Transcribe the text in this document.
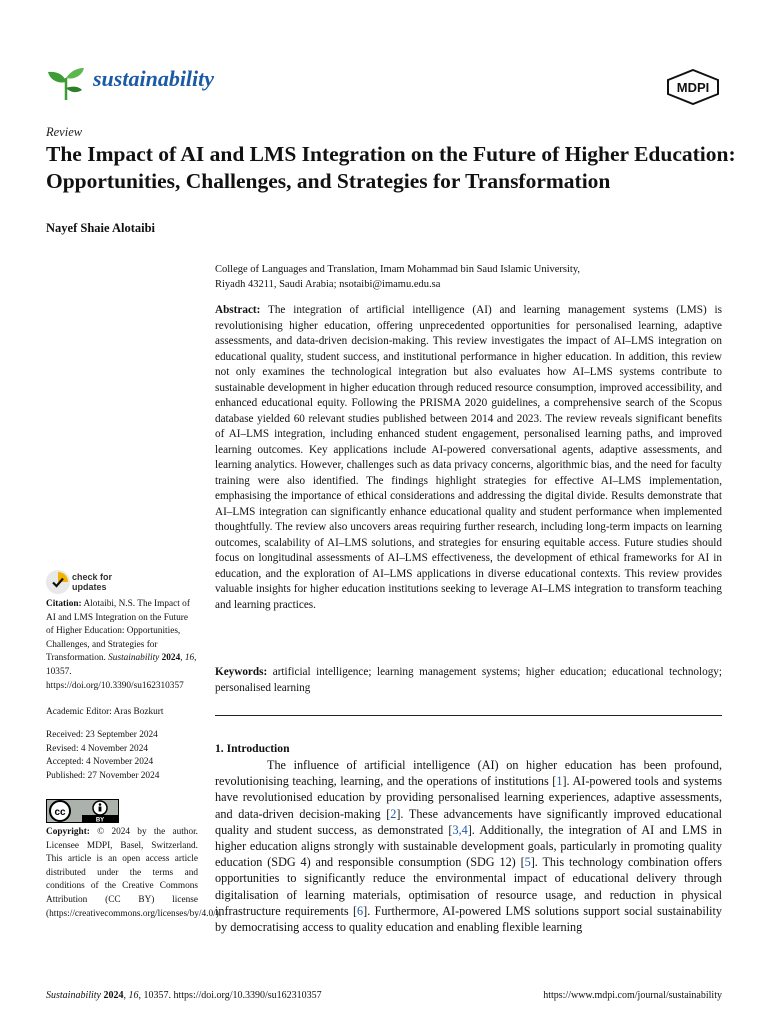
sustainability	MDPI
Review
The Impact of AI and LMS Integration on the Future of Higher Education: Opportunities, Challenges, and Strategies for Transformation
Nayef Shaie Alotaibi
College of Languages and Translation, Imam Mohammad bin Saud Islamic University,
Riyadh 43211, Saudi Arabia; nsotaibi@imamu.edu.sa
Abstract: The integration of artificial intelligence (AI) and learning management systems (LMS) is revolutionising higher education, offering unprecedented opportunities for personalised learning, adaptive assessments, and data-driven decision-making. This review investigates the impact of AI–LMS integration on educational quality, student success, and institutional performance in higher education. In addition, this review not only examines the technological integration but also evaluates how AI–LMS systems contribute to sustainable development in higher education through reduced resource consumption, improved accessibility, and enhanced educational equity. Following the PRISMA 2020 guidelines, a comprehensive search of the Scopus database yielded 60 relevant studies published between 2014 and 2023. The review reveals significant benefits of AI–LMS integration, including enhanced student engagement, personalised learning paths, and improved learning outcomes. Key applications include AI-powered conversational agents, adaptive assessments, and learning analytics. However, challenges such as data privacy concerns, algorithmic bias, and the need for faculty training were also identified. The findings highlight strategies for effective AI–LMS implementation, emphasising the importance of ethical considerations and addressing the digital divide. Results demonstrate that AI–LMS integration can significantly enhance educational quality and student performance when implemented thoughtfully. The review also uncovers areas requiring further research, including long-term impacts on learning outcomes, scalability of AI–LMS solutions, and strategies for ensuring equitable access. Future studies should focus on longitudinal assessments of AI–LMS effectiveness, the development of ethical frameworks for AI in education, and the exploration of AI–LMS applications in diverse educational contexts. This review provides valuable insights for higher education institutions seeking to leverage AI–LMS integration to transform teaching and learning practices.
Keywords: artificial intelligence; learning management systems; higher education; educational technology; personalised learning
1. Introduction
The influence of artificial intelligence (AI) on higher education has been profound, revolutionising teaching, learning, and the operations of institutions [1]. AI-powered tools and systems have revolutionised education by providing personalised learning experiences, adaptive assessments, and data-driven decision-making [2]. These advancements have significantly improved educational quality and student success, as demonstrated [3,4]. Additionally, the integration of AI and LMS in higher education aligns strongly with sustainable development goals, particularly in promoting quality education (SDG 4) and responsible consumption (SDG 12) [5]. This technology combination offers opportunities to significantly reduce the environmental impact of educational delivery through digitalisation of learning materials, optimisation of resource usage, and reduction in physical infrastructure requirements [6]. Furthermore, AI-powered LMS solutions support social sustainability by democratising access to quality education and enabling flexible learning
check for
updates
Citation: Alotaibi, N.S. The Impact of AI and LMS Integration on the Future of Higher Education: Opportunities, Challenges, and Strategies for Transformation. Sustainability 2024, 16, 10357. https://doi.org/10.3390/su162310357
Academic Editor: Aras Bozkurt
Received: 23 September 2024
Revised: 4 November 2024
Accepted: 4 November 2024
Published: 27 November 2024
cc
BY
Copyright: © 2024 by the author. Licensee MDPI, Basel, Switzerland. This article is an open access article distributed under the terms and conditions of the Creative Commons Attribution (CC BY) license (https://creativecommons.org/licenses/by/4.0/).
Sustainability 2024, 16, 10357. https://doi.org/10.3390/su162310357	https://www.mdpi.com/journal/sustainability
